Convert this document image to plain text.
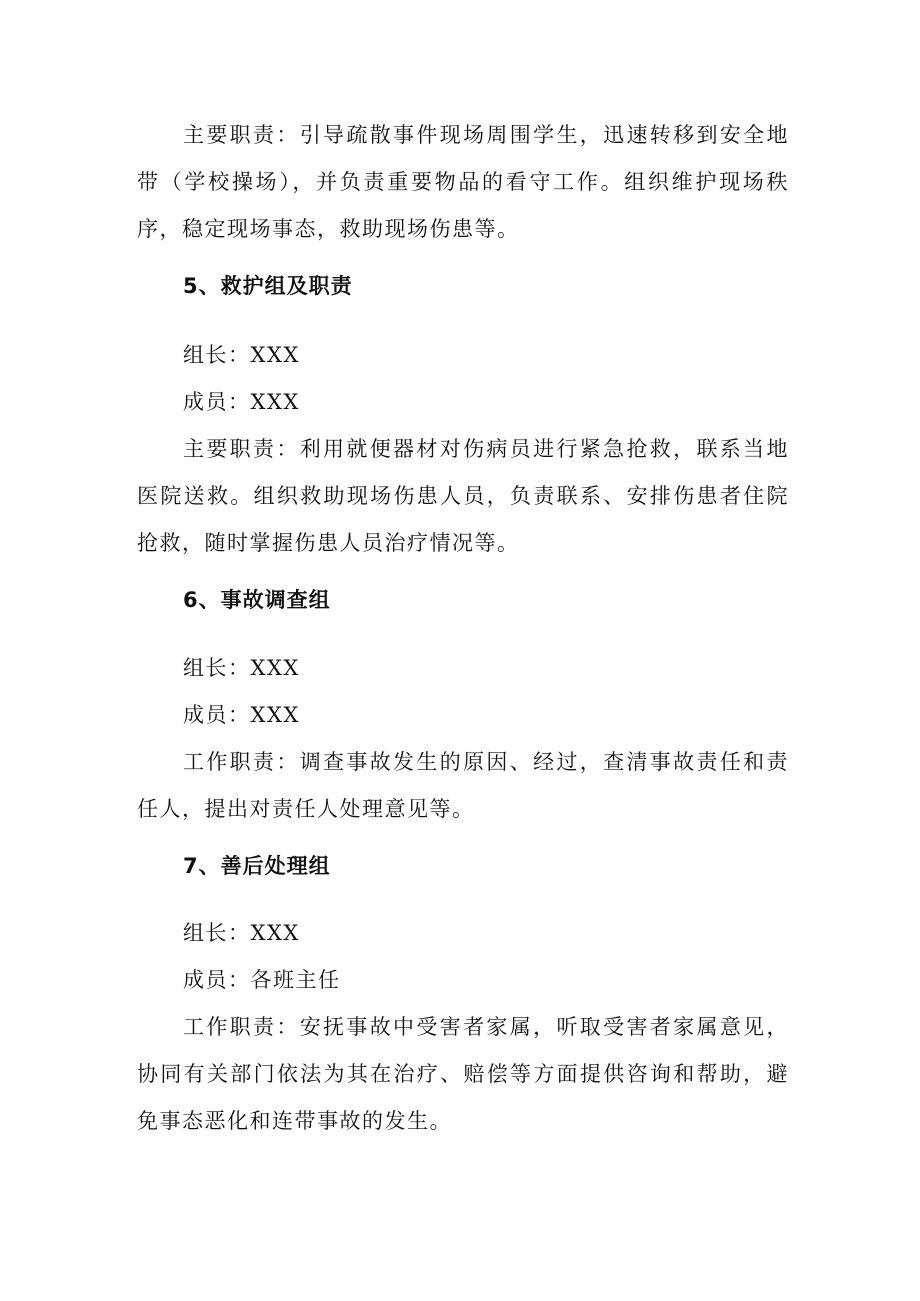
主要职责：引导疏散事件现场周围学生，迅速转移到安全地带（学校操场），并负责重要物品的看守工作。组织维护现场秩序，稳定现场事态，救助现场伤患等。

5、救护组及职责

组长：XXX

成员：XXX

主要职责：利用就便器材对伤病员进行紧急抢救，联系当地医院送救。组织救助现场伤患人员，负责联系、安排伤患者住院抢救，随时掌握伤患人员治疗情况等。

6、事故调查组

组长：XXX

成员：XXX

工作职责：调查事故发生的原因、经过，查清事故责任和责任人，提出对责任人处理意见等。

7、善后处理组

组长：XXX

成员：各班主任

工作职责：安抚事故中受害者家属，听取受害者家属意见，协同有关部门依法为其在治疗、赔偿等方面提供咨询和帮助，避免事态恶化和连带事故的发生。
